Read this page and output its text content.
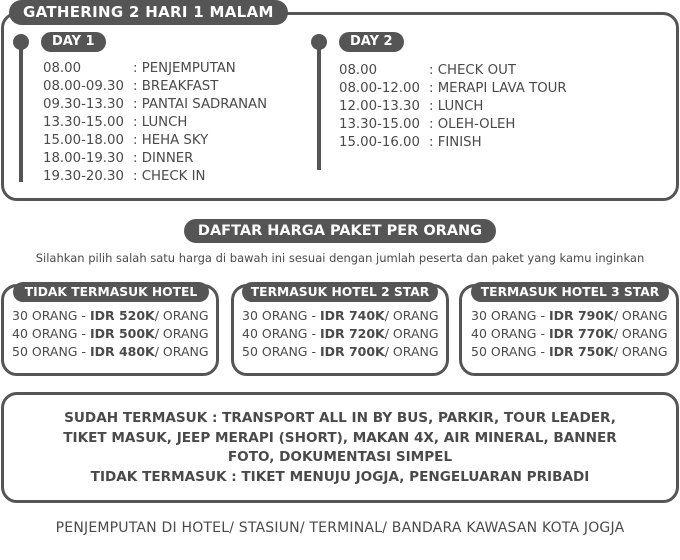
GATHERING 2 HARI 1 MALAM
DAY 1
08.00	: PENJEMPUTAN
08.00-09.30 : BREAKFAST
09.30-13.30 : PANTAI SADRANAN
13.30-15.00 : LUNCH
15.00-18.00 : HEHA SKY
18.00-19.30 : DINNER
19.30-20.30 : CHECK IN
DAY 2
08.00	: CHECK OUT
08.00-12.00 : MERAPI LAVA TOUR
12.00-13.30 : LUNCH
13.30-15.00 : OLEH-OLEH
15.00-16.00 : FINISH
DAFTAR HARGA PAKET PER ORANG
Silahkan pilih salah satu harga di bawah ini sesuai dengan jumlah peserta dan paket yang kamu inginkan
TIDAK TERMASUK HOTEL
30 ORANG - IDR 520K/ ORANG
40 ORANG - IDR 500K/ ORANG
50 ORANG - IDR 480K/ ORANG
TERMASUK HOTEL 2 STAR
30 ORANG - IDR 740K/ ORANG
40 ORANG - IDR 720K/ ORANG
50 ORANG - IDR 700K/ ORANG
TERMASUK HOTEL 3 STAR
30 ORANG - IDR 790K/ ORANG
40 ORANG - IDR 770K/ ORANG
50 ORANG - IDR 750K/ ORANG
SUDAH TERMASUK : TRANSPORT ALL IN BY BUS, PARKIR, TOUR LEADER,
TIKET MASUK, JEEP MERAPI (SHORT), MAKAN 4X, AIR MINERAL, BANNER
FOTO, DOKUMENTASI SIMPEL
TIDAK TERMASUK : TIKET MENUJU JOGJA, PENGELUARAN PRIBADI
PENJEMPUTAN DI HOTEL/ STASIUN/ TERMINAL/ BANDARA KAWASAN KOTA JOGJA
